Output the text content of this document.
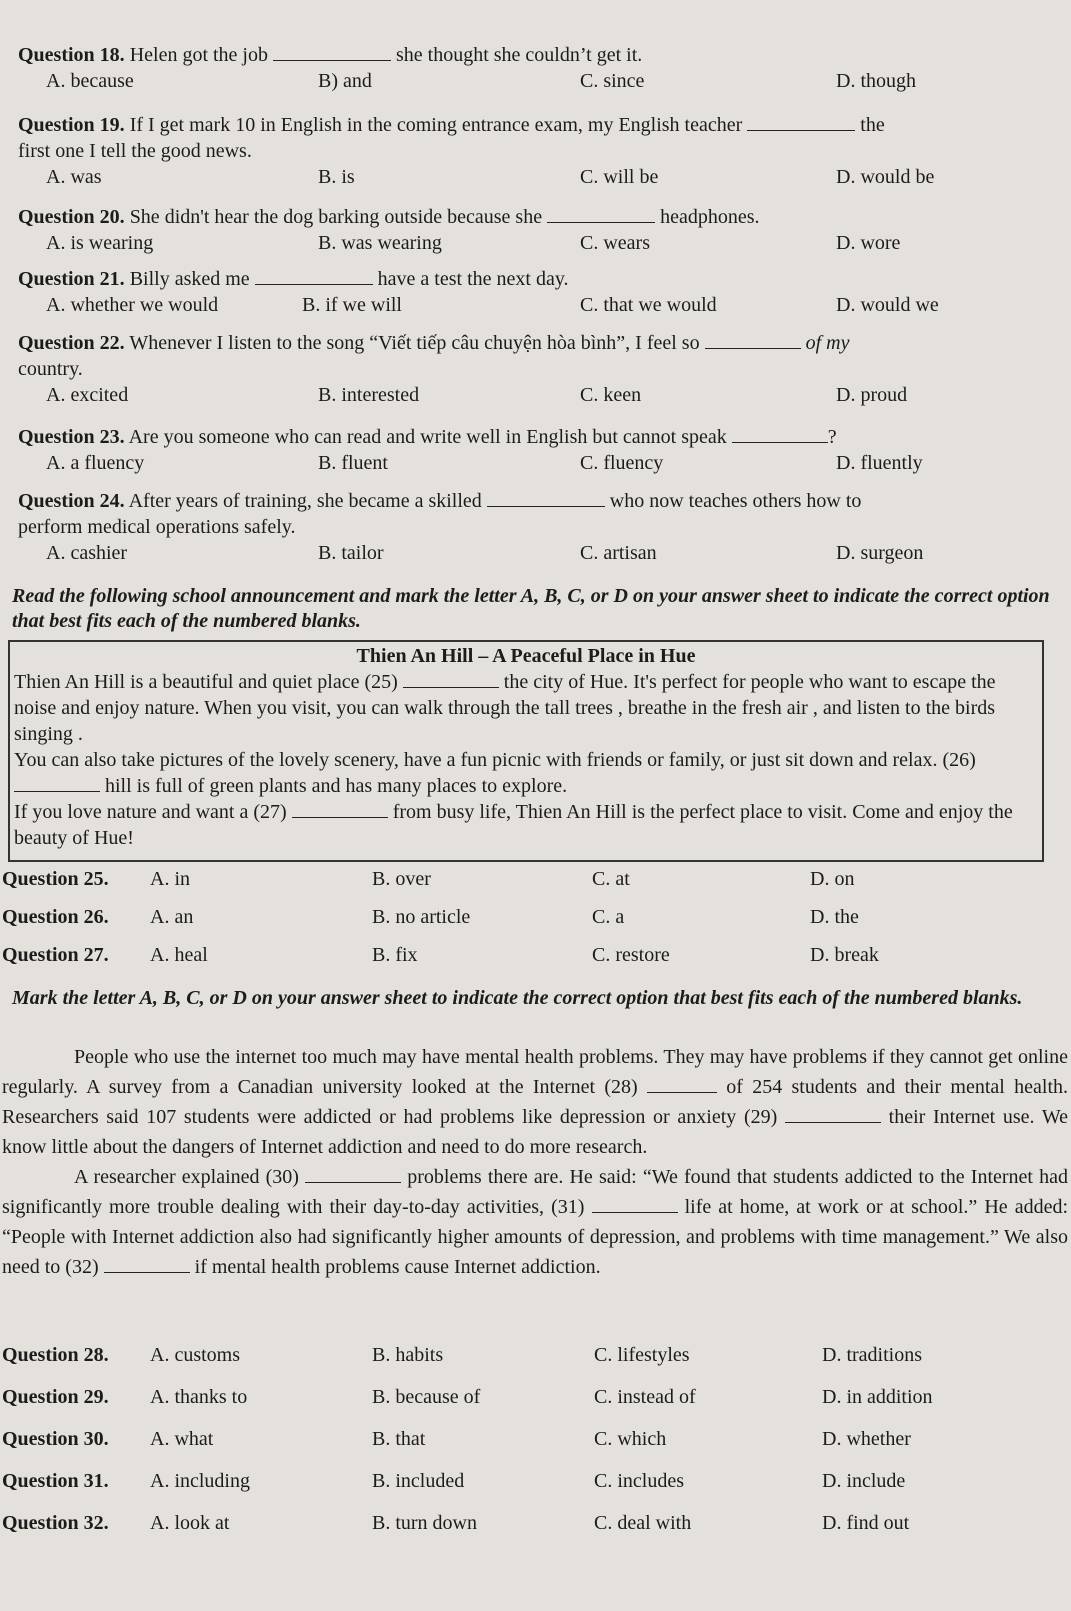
Question 18. Helen got the job	she thought she couldn’t get it.
A. because	B) and	C. since	D. though
Question 19. If I get mark 10 in English in the coming entrance exam, my English teacher	the
first one I tell the good news.
A. was	B. is	C. will be	D. would be
Question 20. She didn't hear the dog barking outside because she	headphones.
A. is wearing	B. was wearing	C. wears	D. wore
Question 21. Billy asked me	have a test the next day.
A. whether we would	B. if we will	C. that we would	D. would we
Question 22. Whenever I listen to the song “Viết tiếp câu chuyện hòa bình”, I feel so	of my
country.
A. excited	B. interested	C. keen	D. proud
Question 23. Are you someone who can read and write well in English but cannot speak	?
A. a fluency	B. fluent	C. fluency	D. fluently
Question 24. After years of training, she became a skilled	who now teaches others how to
perform medical operations safely.
A. cashier	B. tailor	C. artisan	D. surgeon
Read the following school announcement and mark the letter A, B, C, or D on your answer sheet to indicate the correct option that best fits each of the numbered blanks.
Thien An Hill – A Peaceful Place in Hue

Thien An Hill is a beautiful and quiet place (25)	the city of Hue. It's perfect for people who want to escape the noise and enjoy nature. When you visit, you can walk through the tall trees , breathe in the fresh air , and listen to the birds singing .

You can also take pictures of the lovely scenery, have a fun picnic with friends or family, or just sit down and relax. (26)  hill is full of green plants and has many places to explore.

If you love nature and want a (27)	from busy life, Thien An Hill is the perfect place to visit. Come and enjoy the beauty of Hue!

Question 25. A. in	B. over	C. at	D. on
Question 26. A. an	B. no article	C. a	D. the
Question 27. A. heal	B. fix	C. restore	D. break
Mark the letter A, B, C, or D on your answer sheet to indicate the correct option that best fits each of the numbered blanks.

People who use the internet too much may have mental health problems. They may have problems if they cannot get online regularly. A survey from a Canadian university looked at the Internet (28)	of 254 students and their mental health. Researchers said 107 students were addicted or had problems like depression or anxiety (29)	their Internet use. We know little about the dangers of Internet addiction and need to do more research.

A researcher explained (30)	problems there are. He said: “We found that students addicted to the Internet had significantly more trouble dealing with their day-to-day activities, (31)	life at home, at work or at school.” He added: “People with Internet addiction also had significantly higher amounts of depression, and problems with time management.” We also need to (32)	if mental health problems cause Internet addiction.

Question 28. A. customs	B. habits	C. lifestyles	D. traditions
Question 29. A. thanks to	B. because of	C. instead of	D. in addition
Question 30. A. what	B. that	C. which	D. whether
Question 31. A. including	B. included	C. includes	D. include
Question 32. A. look at	B. turn down	C. deal with	D. find out
